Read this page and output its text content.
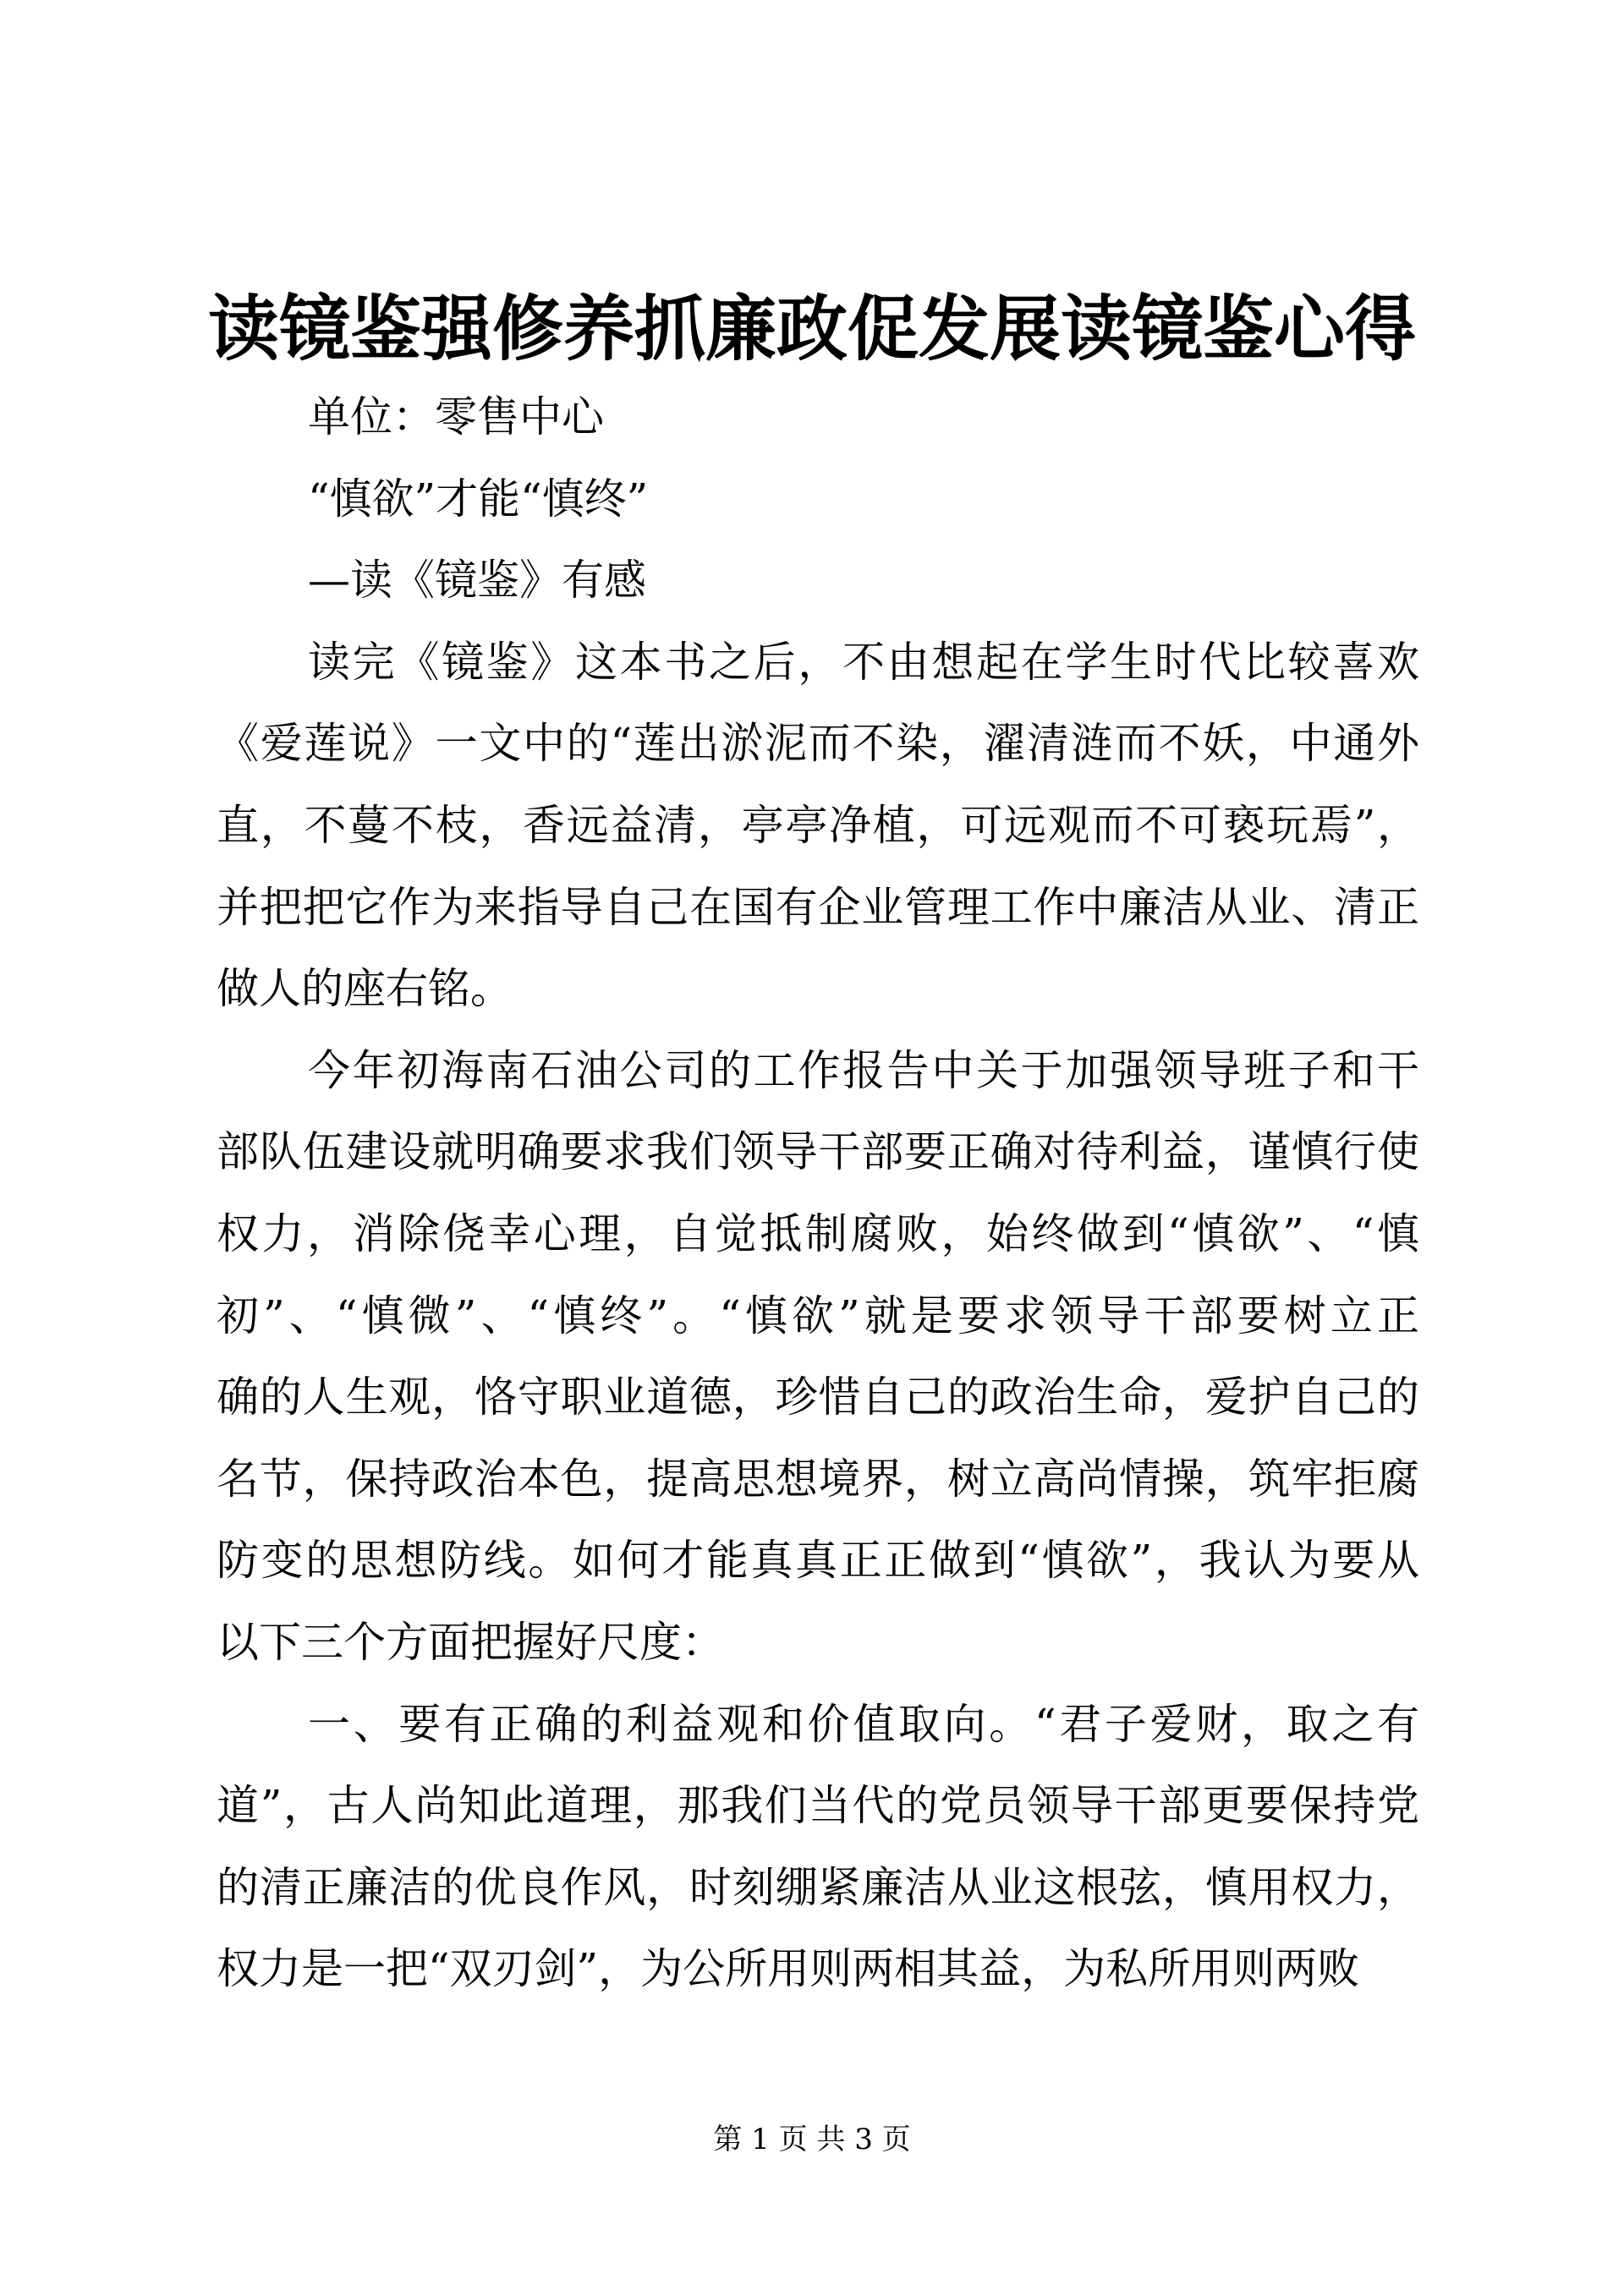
读镜鉴强修养抓廉政促发展读镜鉴心得
单位：零售中心
“慎欲”才能“慎终”
—读《镜鉴》有感
读完《镜鉴》这本书之后，不由想起在学生时代比较喜欢
《爱莲说》一文中的“莲出淤泥而不染，濯清涟而不妖，中通外
直，不蔓不枝，香远益清，亭亭净植，可远观而不可亵玩焉”，
并把把它作为来指导自己在国有企业管理工作中廉洁从业、清正
做人的座右铭。
今年初海南石油公司的工作报告中关于加强领导班子和干
部队伍建设就明确要求我们领导干部要正确对待利益，谨慎行使
权力，消除侥幸心理，自觉抵制腐败，始终做到“慎欲”、“慎
初”、“慎微”、“慎终”。“慎欲”就是要求领导干部要树立正
确的人生观，恪守职业道德，珍惜自己的政治生命，爱护自己的
名节，保持政治本色，提高思想境界，树立高尚情操，筑牢拒腐
防变的思想防线。如何才能真真正正做到“慎欲”，我认为要从
以下三个方面把握好尺度：
一、要有正确的利益观和价值取向。“君子爱财，取之有
道”，古人尚知此道理，那我们当代的党员领导干部更要保持党
的清正廉洁的优良作风，时刻绷紧廉洁从业这根弦，慎用权力，
权力是一把“双刃剑”，为公所用则两相其益，为私所用则两败
第 1 页 共 3 页
